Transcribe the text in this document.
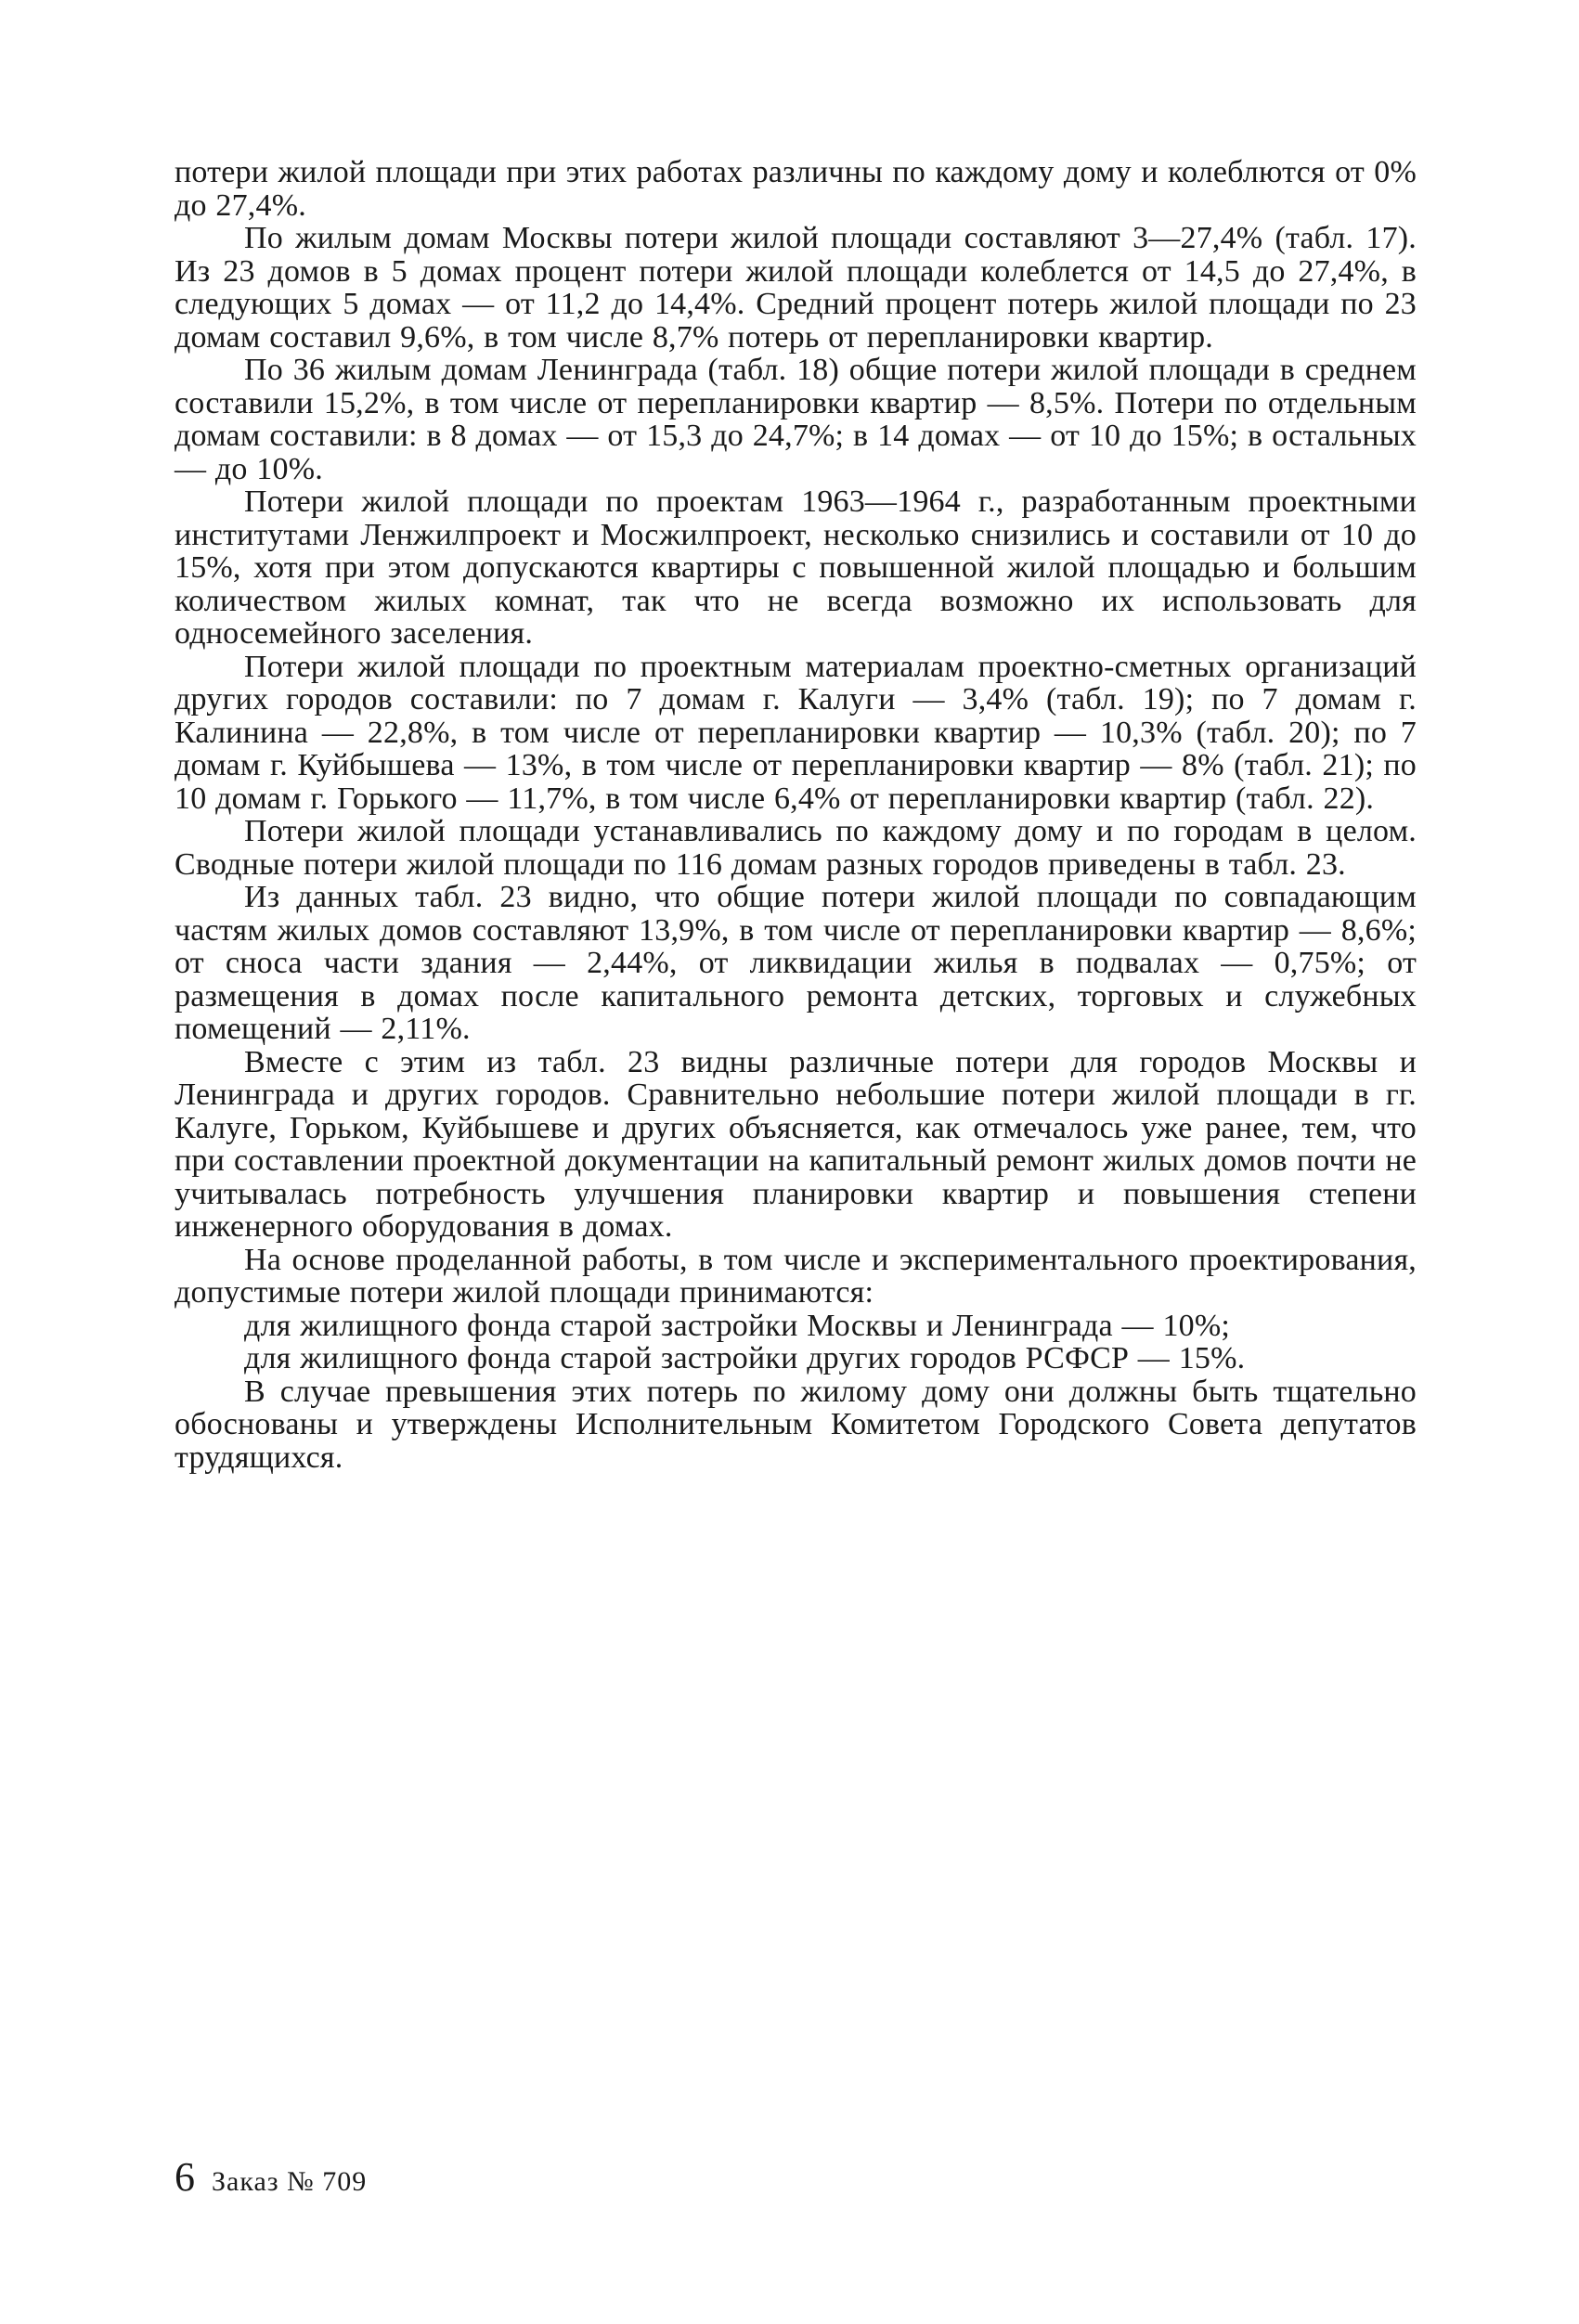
потери жилой площади при этих работах различны по каждому дому и колеблются от 0% до 27,4%.

По жилым домам Москвы потери жилой площади составляют 3—27,4% (табл. 17). Из 23 домов в 5 домах процент потери жилой площади колеблется от 14,5 до 27,4%, в следующих 5 домах — от 11,2 до 14,4%. Средний процент потерь жилой площади по 23 домам составил 9,6%, в том числе 8,7% потерь от перепланировки квартир.

По 36 жилым домам Ленинграда (табл. 18) общие потери жилой площади в среднем составили 15,2%, в том числе от перепланировки квартир — 8,5%. Потери по отдельным домам составили: в 8 домах — от 15,3 до 24,7%; в 14 домах — от 10 до 15%; в остальных — до 10%.

Потери жилой площади по проектам 1963—1964 г., разработанным проектными институтами Ленжилпроект и Мосжилпроект, несколько снизились и составили от 10 до 15%, хотя при этом допускаются квартиры с повышенной жилой площадью и большим количеством жилых комнат, так что не всегда возможно их использовать для односемейного заселения.

Потери жилой площади по проектным материалам проектно-сметных организаций других городов составили: по 7 домам г. Калуги — 3,4% (табл. 19); по 7 домам г. Калинина — 22,8%, в том числе от перепланировки квартир — 10,3% (табл. 20); по 7 домам г. Куйбышева — 13%, в том числе от перепланировки квартир — 8% (табл. 21); по 10 домам г. Горького — 11,7%, в том числе 6,4% от перепланировки квартир (табл. 22).

Потери жилой площади устанавливались по каждому дому и по городам в целом. Сводные потери жилой площади по 116 домам разных городов приведены в табл. 23.

Из данных табл. 23 видно, что общие потери жилой площади по совпадающим частям жилых домов составляют 13,9%, в том числе от перепланировки квартир — 8,6%; от сноса части здания — 2,44%, от ликвидации жилья в подвалах — 0,75%; от размещения в домах после капитального ремонта детских, торговых и служебных помещений — 2,11%.

Вместе с этим из табл. 23 видны различные потери для городов Москвы и Ленинграда и других городов. Сравнительно небольшие потери жилой площади в гг. Калуге, Горьком, Куйбышеве и других объясняется, как отмечалось уже ранее, тем, что при составлении проектной документации на капитальный ремонт жилых домов почти не учитывалась потребность улучшения планировки квартир и повышения степени инженерного оборудования в домах.

На основе проделанной работы, в том числе и экспериментального проектирования, допустимые потери жилой площади принимаются:

для жилищного фонда старой застройки Москвы и Ленинграда — 10%;

для жилищного фонда старой застройки других городов РСФСР — 15%.

В случае превышения этих потерь по жилому дому они должны быть тщательно обоснованы и утверждены Исполнительным Комитетом Городского Совета депутатов трудящихся.

6 Заказ № 709
